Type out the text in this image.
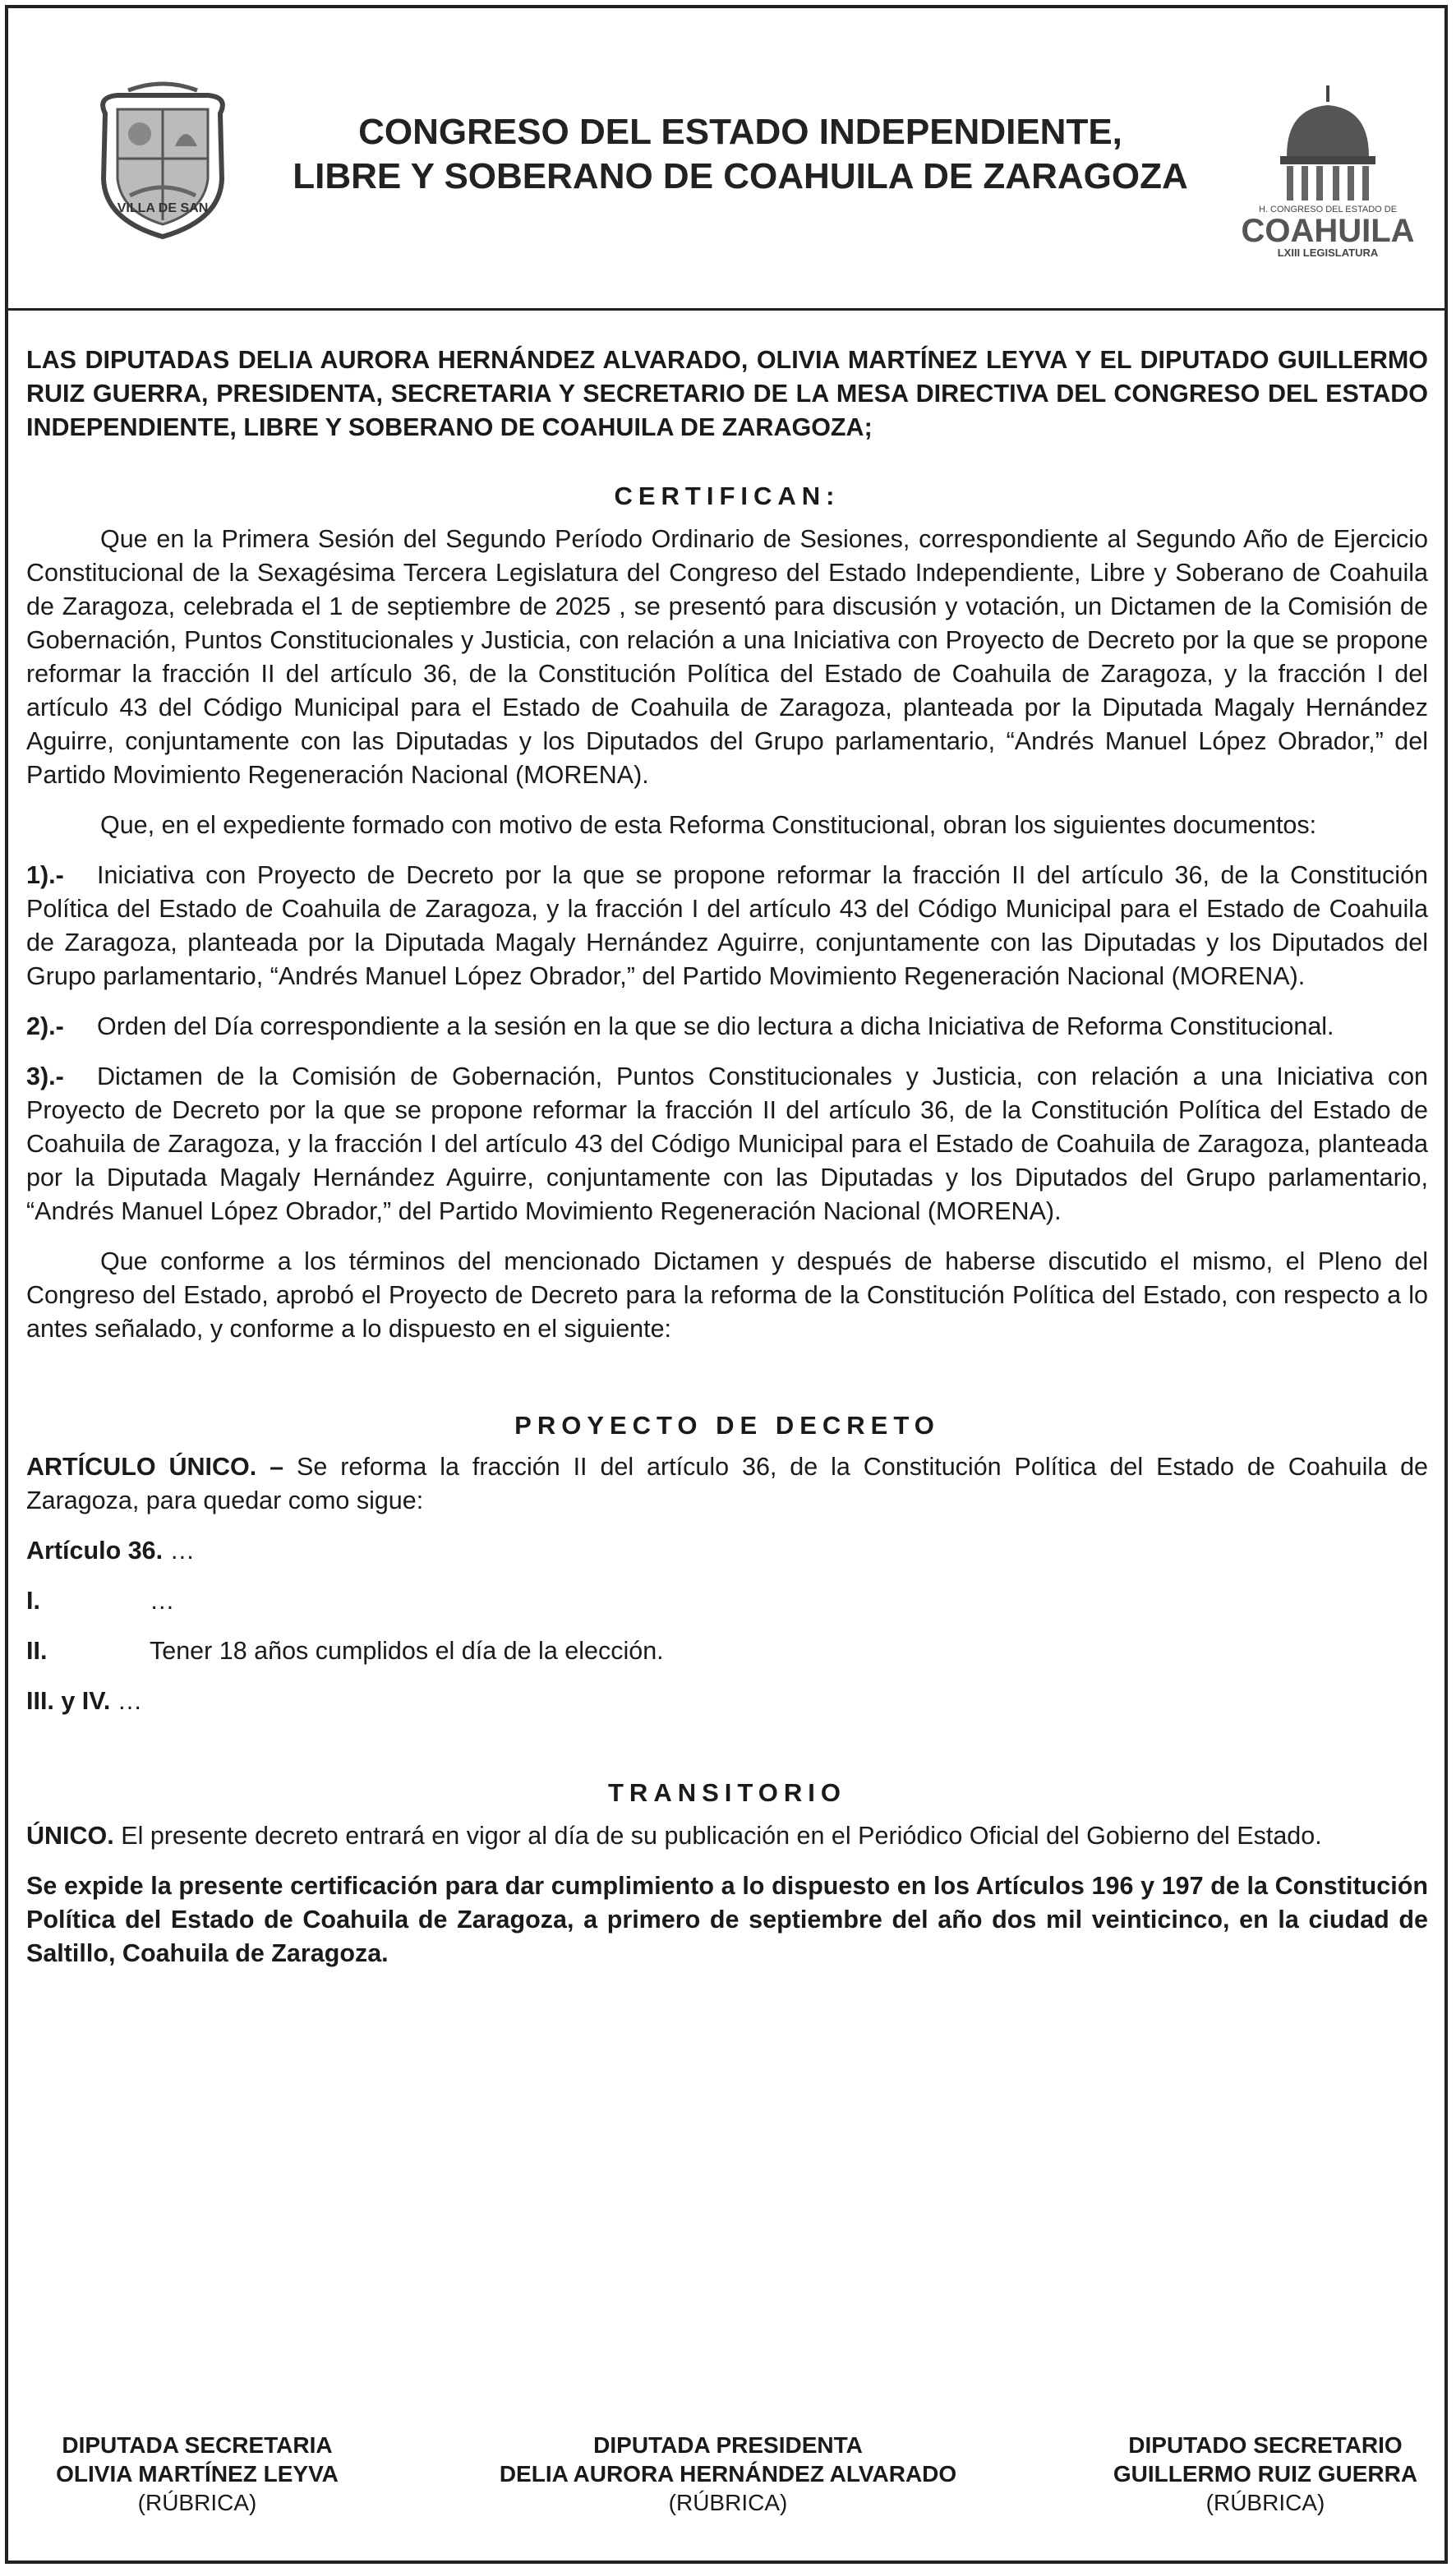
VILLA DE SAN
CONGRESO DEL ESTADO INDEPENDIENTE,
LIBRE Y SOBERANO DE COAHUILA DE ZARAGOZA
H. CONGRESO DEL ESTADO DE
COAHUILA
LXIII LEGISLATURA

LAS DIPUTADAS DELIA AURORA HERNÁNDEZ ALVARADO, OLIVIA MARTÍNEZ LEYVA Y EL DIPUTADO GUILLERMO RUIZ GUERRA, PRESIDENTA, SECRETARIA Y SECRETARIO DE LA MESA DIRECTIVA DEL CONGRESO DEL ESTADO INDEPENDIENTE, LIBRE Y SOBERANO DE COAHUILA DE ZARAGOZA;

CERTIFICAN:

Que en la Primera Sesión del Segundo Período Ordinario de Sesiones, correspondiente al Segundo Año de Ejercicio Constitucional de la Sexagésima Tercera Legislatura del Congreso del Estado Independiente, Libre y Soberano de Coahuila de Zaragoza, celebrada el 1 de septiembre de 2025 , se presentó para discusión y votación, un Dictamen de la Comisión de Gobernación, Puntos Constitucionales y Justicia, con relación a una Iniciativa con Proyecto de Decreto por la que se propone reformar la fracción II del artículo 36, de la Constitución Política del Estado de Coahuila de Zaragoza, y la fracción I del artículo 43 del Código Municipal para el Estado de Coahuila de Zaragoza, planteada por la Diputada Magaly Hernández Aguirre, conjuntamente con las Diputadas y los Diputados del Grupo parlamentario, “Andrés Manuel López Obrador,” del Partido Movimiento Regeneración Nacional (MORENA).

Que, en el expediente formado con motivo de esta Reforma Constitucional, obran los siguientes documentos:

1).- Iniciativa con Proyecto de Decreto por la que se propone reformar la fracción II del artículo 36, de la Constitución Política del Estado de Coahuila de Zaragoza, y la fracción I del artículo 43 del Código Municipal para el Estado de Coahuila de Zaragoza, planteada por la Diputada Magaly Hernández Aguirre, conjuntamente con las Diputadas y los Diputados del Grupo parlamentario, “Andrés Manuel López Obrador,” del Partido Movimiento Regeneración Nacional (MORENA).

2).- Orden del Día correspondiente a la sesión en la que se dio lectura a dicha Iniciativa de Reforma Constitucional.

3).- Dictamen de la Comisión de Gobernación, Puntos Constitucionales y Justicia, con relación a una Iniciativa con Proyecto de Decreto por la que se propone reformar la fracción II del artículo 36, de la Constitución Política del Estado de Coahuila de Zaragoza, y la fracción I del artículo 43 del Código Municipal para el Estado de Coahuila de Zaragoza, planteada por la Diputada Magaly Hernández Aguirre, conjuntamente con las Diputadas y los Diputados del Grupo parlamentario, “Andrés Manuel López Obrador,” del Partido Movimiento Regeneración Nacional (MORENA).

Que conforme a los términos del mencionado Dictamen y después de haberse discutido el mismo, el Pleno del Congreso del Estado, aprobó el Proyecto de Decreto para la reforma de la Constitución Política del Estado, con respecto a lo antes señalado, y conforme a lo dispuesto en el siguiente:

PROYECTO DE DECRETO

ARTÍCULO ÚNICO. – Se reforma la fracción II del artículo 36, de la Constitución Política del Estado de Coahuila de Zaragoza, para quedar como sigue:

Artículo 36. …

I.	…
II.	Tener 18 años cumplidos el día de la elección.

III. y IV. …

TRANSITORIO

ÚNICO. El presente decreto entrará en vigor al día de su publicación en el Periódico Oficial del Gobierno del Estado.

Se expide la presente certificación para dar cumplimiento a lo dispuesto en los Artículos 196 y 197 de la Constitución Política del Estado de Coahuila de Zaragoza, a primero de septiembre del año dos mil veinticinco, en la ciudad de Saltillo, Coahuila de Zaragoza.

DIPUTADA SECRETARIA
OLIVIA MARTÍNEZ LEYVA
(RÚBRICA)
DIPUTADA PRESIDENTA
DELIA AURORA HERNÁNDEZ ALVARADO
(RÚBRICA)
DIPUTADO SECRETARIO
GUILLERMO RUIZ GUERRA
(RÚBRICA)
